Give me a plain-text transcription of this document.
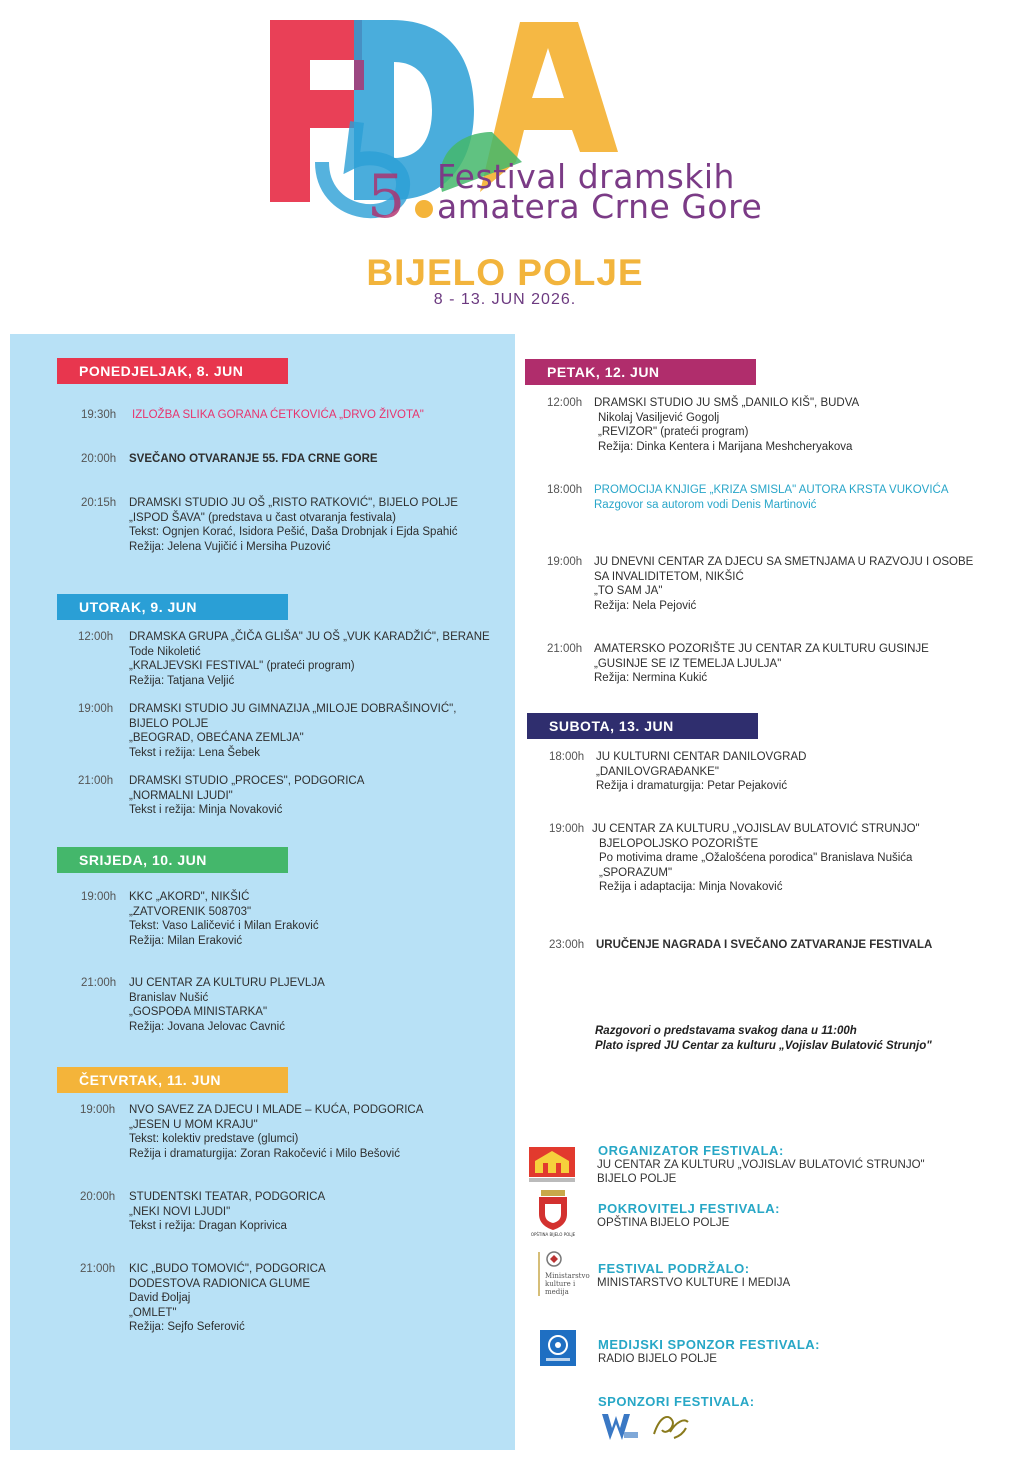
5 Festival dramskih
amatera Crne Gore
BIJELO POLJE
8 - 13. JUN 2026.
PONEDJELJAK, 8. JUN
19:30h IZLOŽBA SLIKA GORANA ĆETKOVIĆA „DRVO ŽIVOTA"
20:00h SVEČANO OTVARANJE 55. FDA CRNE GORE
20:15h DRAMSKI STUDIO JU OŠ „RISTO RATKOVIĆ", BIJELO POLJE
„ISPOD ŠAVA" (predstava u čast otvaranja festivala)
Tekst: Ognjen Korać, Isidora Pešić, Daša Drobnjak i Ejda Spahić
Režija: Jelena Vujičić i Mersiha Puzović
UTORAK, 9. JUN
12:00h DRAMSKA GRUPA „ČIČA GLIŠA" JU OŠ „VUK KARADŽIĆ", BERANE
Tode Nikoletić
„KRALJEVSKI FESTIVAL" (prateći program)
Režija: Tatjana Veljić
19:00h DRAMSKI STUDIO JU GIMNAZIJA „MILOJE DOBRAŠINOVIĆ",
BIJELO POLJE
„BEOGRAD, OBEĆANA ZEMLJA"
Tekst i režija: Lena Šebek
21:00h DRAMSKI STUDIO „PROCES", PODGORICA
„NORMALNI LJUDI"
Tekst i režija: Minja Novaković
SRIJEDA, 10. JUN
19:00h KKC „AKORD", NIKŠIĆ
„ZATVORENIK 508703"
Tekst: Vaso Laličević i Milan Eraković
Režija: Milan Eraković
21:00h JU CENTAR ZA KULTURU PLJEVLJA
Branislav Nušić
„GOSPOĐA MINISTARKA"
Režija: Jovana Jelovac Cavnić
ČETVRTAK, 11. JUN
19:00h NVO SAVEZ ZA DJECU I MLADE – KUĆA, PODGORICA
„JESEN U MOM KRAJU"
Tekst: kolektiv predstave (glumci)
Režija i dramaturgija: Zoran Rakočević i Milo Bešović
20:00h STUDENTSKI TEATAR, PODGORICA
„NEKI NOVI LJUDI"
Tekst i režija: Dragan Koprivica
21:00h KIC „BUDO TOMOVIĆ", PODGORICA
DODESTOVA RADIONICA GLUME
David Đoljaj
„OMLET"
Režija: Sejfo Seferović
PETAK, 12. JUN
12:00h DRAMSKI STUDIO JU SMŠ „DANILO KIŠ", BUDVA
Nikolaj Vasiljević Gogolj
„REVIZOR" (prateći program)
Režija: Dinka Kentera i Marijana Meshcheryakova
18:00h PROMOCIJA KNJIGE „KRIZA SMISLA" AUTORA KRSTA VUKOVIĆA
Razgovor sa autorom vodi Denis Martinović
19:00h JU DNEVNI CENTAR ZA DJECU SA SMETNJAMA U RAZVOJU I OSOBE
SA INVALIDITETOM, NIKŠIĆ
„TO SAM JA"
Režija: Nela Pejović
21:00h AMATERSKO POZORIŠTE JU CENTAR ZA KULTURU GUSINJE
„GUSINJE SE IZ TEMELJA LJULJA"
Režija: Nermina Kukić
SUBOTA, 13. JUN
18:00h JU KULTURNI CENTAR DANILOVGRAD
„DANILOVGRAĐANKE"
Režija i dramaturgija: Petar Pejaković
19:00h JU CENTAR ZA KULTURU „VOJISLAV BULATOVIĆ STRUNJO"
BJELOPOLJSKO POZORIŠTE
Po motivima drame „Ožalošćena porodica" Branislava Nušića
„SPORAZUM"
Režija i adaptacija: Minja Novaković
23:00h URUČENJE NAGRADA I SVEČANO ZATVARANJE FESTIVALA
Razgovori o predstavama svakog dana u 11:00h
Plato ispred JU Centar za kulturu „Vojislav Bulatović Strunjo"
ORGANIZATOR FESTIVALA:
JU CENTAR ZA KULTURU „VOJISLAV BULATOVIĆ STRUNJO"
BIJELO POLJE
OPŠTINA BIJELO POLJE
POKROVITELJ FESTIVALA:
OPŠTINA BIJELO POLJE
Ministarstvo
kulture i
medija
FESTIVAL PODRŽALO:
MINISTARSTVO KULTURE I MEDIJA
MEDIJSKI SPONZOR FESTIVALA:
RADIO BIJELO POLJE
SPONZORI FESTIVALA:
